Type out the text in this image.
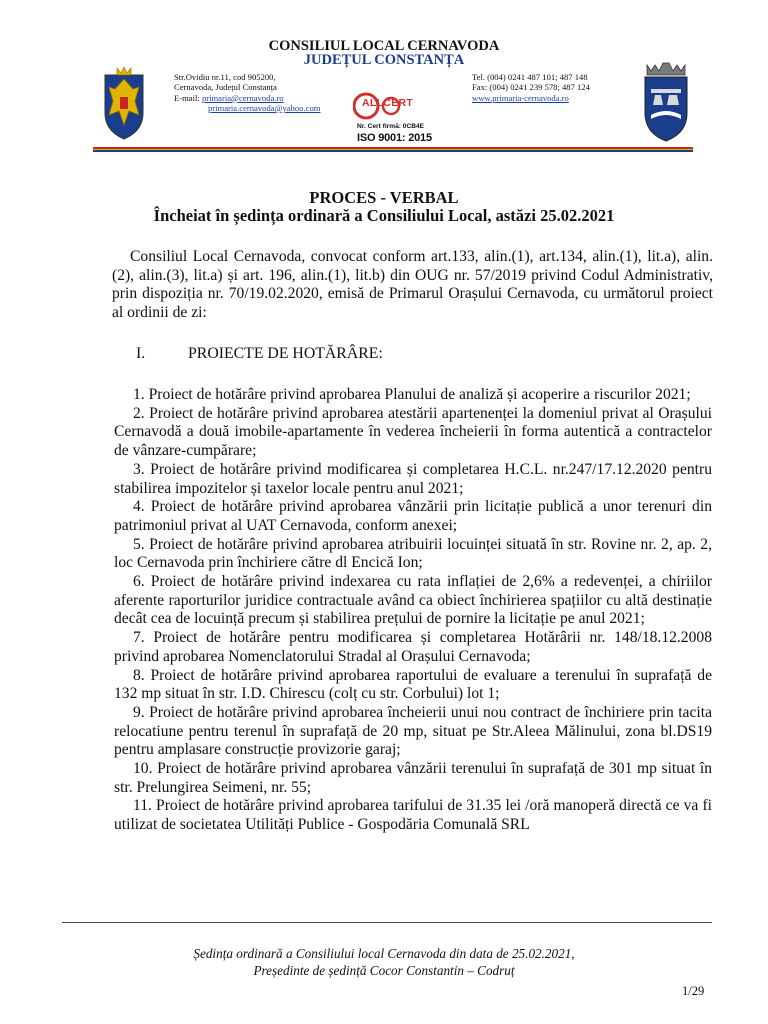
CONSILIUL LOCAL CERNAVODA
JUDEȚUL CONSTANȚA
Str.Ovidiu nr.11, cod 905200,
Cernavoda, Județul Constanța
E-mail: primaria@cernavoda.ro
primaria.cernavoda@yahoo.com	ALLCERT
Nr. Cert firmă: 0CB4E
ISO 9001: 2015
Tel. (004) 0241 487 101; 487 148
Fax: (004) 0241 239 578; 487 124
www.primaria-cernavoda.ro
PROCES - VERBAL
Încheiat în ședința ordinară a Consiliului Local, astăzi 25.02.2021

Consiliul Local Cernavoda, convocat conform art.133, alin.(1), art.134, alin.(1), lit.a), alin.(2), alin.(3), lit.a) și art. 196, alin.(1), lit.b) din OUG nr. 57/2019 privind Codul Administrativ, prin dispoziția nr. 70/19.02.2020, emisă de Primarul Orașului Cernavoda, cu următorul proiect al ordinii de zi:

I.	PROIECTE DE HOTĂRÂRE:

1. Proiect de hotărâre privind aprobarea Planului de analiză și acoperire a riscurilor 2021;

2. Proiect de hotărâre privind aprobarea atestării apartenenței la domeniul privat al Orașului Cernavodă a două imobile-apartamente în vederea încheierii în forma autentică a contractelor de vânzare-cumpărare;

3. Proiect de hotărâre privind modificarea și completarea H.C.L. nr.247/17.12.2020 pentru stabilirea impozitelor și taxelor locale pentru anul 2021;

4. Proiect de hotărâre privind aprobarea vânzării prin licitație publică a unor terenuri din patrimoniul privat al UAT Cernavoda, conform anexei;

5. Proiect de hotărâre privind aprobarea atribuirii locuinței situată în str. Rovine nr. 2, ap. 2, loc Cernavoda prin închiriere către dl Encică Ion;

6. Proiect de hotărâre privind indexarea cu rata inflației de 2,6% a redevenței, a chiriilor aferente raporturilor juridice contractuale având ca obiect închirierea spațiilor cu altă destinație decât cea de locuință precum și stabilirea prețului de pornire la licitație pe anul 2021;

7. Proiect de hotărâre pentru modificarea și completarea Hotărârii nr. 148/18.12.2008 privind aprobarea Nomenclatorului Stradal al Orașului Cernavoda;

8. Proiect de hotărâre privind aprobarea raportului de evaluare a terenului în suprafață de 132 mp situat în str. I.D. Chirescu (colț cu str. Corbului) lot 1;

9. Proiect de hotărâre privind aprobarea încheierii unui nou contract de închiriere prin tacita relocatiune pentru terenul în suprafață de 20 mp, situat pe Str.Aleea Mălinului, zona bl.DS19 pentru amplasare construcție provizorie garaj;

10. Proiect de hotărâre privind aprobarea vânzării terenului în suprafață de 301 mp situat în str. Prelungirea Seimeni, nr. 55;

11. Proiect de hotărâre privind aprobarea tarifului de 31.35 lei /oră manoperă directă ce va fi utilizat de societatea Utilități Publice - Gospodăria Comunală SRL

Ședința ordinară a Consiliului local Cernavoda din data de 25.02.2021,
Președinte de ședință Cocor Constantin – Codruț
1/29
